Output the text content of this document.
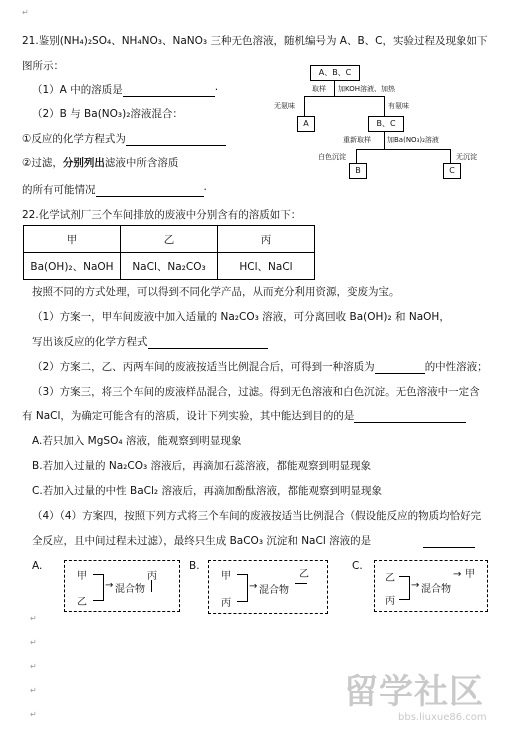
↵
21.鉴别(NH₄)₂SO₄、NH₄NO₃、NaNO₃ 三种无色溶液，随机编号为 A、B、C，实验过程及现象如下
图所示：
（1）A 中的溶质是	·
（2）B 与 Ba(NO₃)₂溶液混合：
①反应的化学方程式为
②过滤，分别列出滤液中所含溶质
的所有可能情况	·
A、B、C
取样 加KOH溶液、加热
无氨味	有氨味
A	B、C
重新取样 加Ba(NO₃)₂溶液
白色沉淀	无沉淀
B	C
22.化学试剂厂三个车间排放的废液中分别含有的溶质如下：
甲	乙	丙
Ba(OH)₂、NaOH	NaCl、Na₂CO₃	HCl、NaCl
按照不同的方式处理，可以得到不同化学产品，从而充分利用资源，变废为宝。
（1）方案一，甲车间废液中加入适量的 Na₂CO₃ 溶液，可分离回收 Ba(OH)₂ 和 NaOH，
写出该反应的化学方程式
（2）方案二，乙、丙两车间的废液按适当比例混合后，可得到一种溶质为	的中性溶液；
（3）方案三，将三个车间的废液样品混合，过滤。得到无色溶液和白色沉淀。无色溶液中一定含
有 NaCl，为确定可能含有的溶质，设计下列实验，其中能达到目的的是
A.若只加入 MgSO₄ 溶液，能观察到明显现象
B.若加入过量的 Na₂CO₃ 溶液后，再滴加石蕊溶液，都能观察到明显现象
C.若加入过量的中性 BaCl₂ 溶液后，再滴加酚酞溶液，都能观察到明显现象
（4）（4）方案四，按照下列方式将三个车间的废液按适当比例混合（假设能反应的物质均恰好完
全反应，且中间过程未过滤），最终只生成 BaCO₃ 沉淀和 NaCl 溶液的是
A.
甲
乙
→ 混合物
丙
B.
甲
丙
→ 混合物
乙
C.
乙
丙
→ 混合物
→ 甲
↵
↵
↵
↵
↵
留学社区
bbs.liuxue86.com
